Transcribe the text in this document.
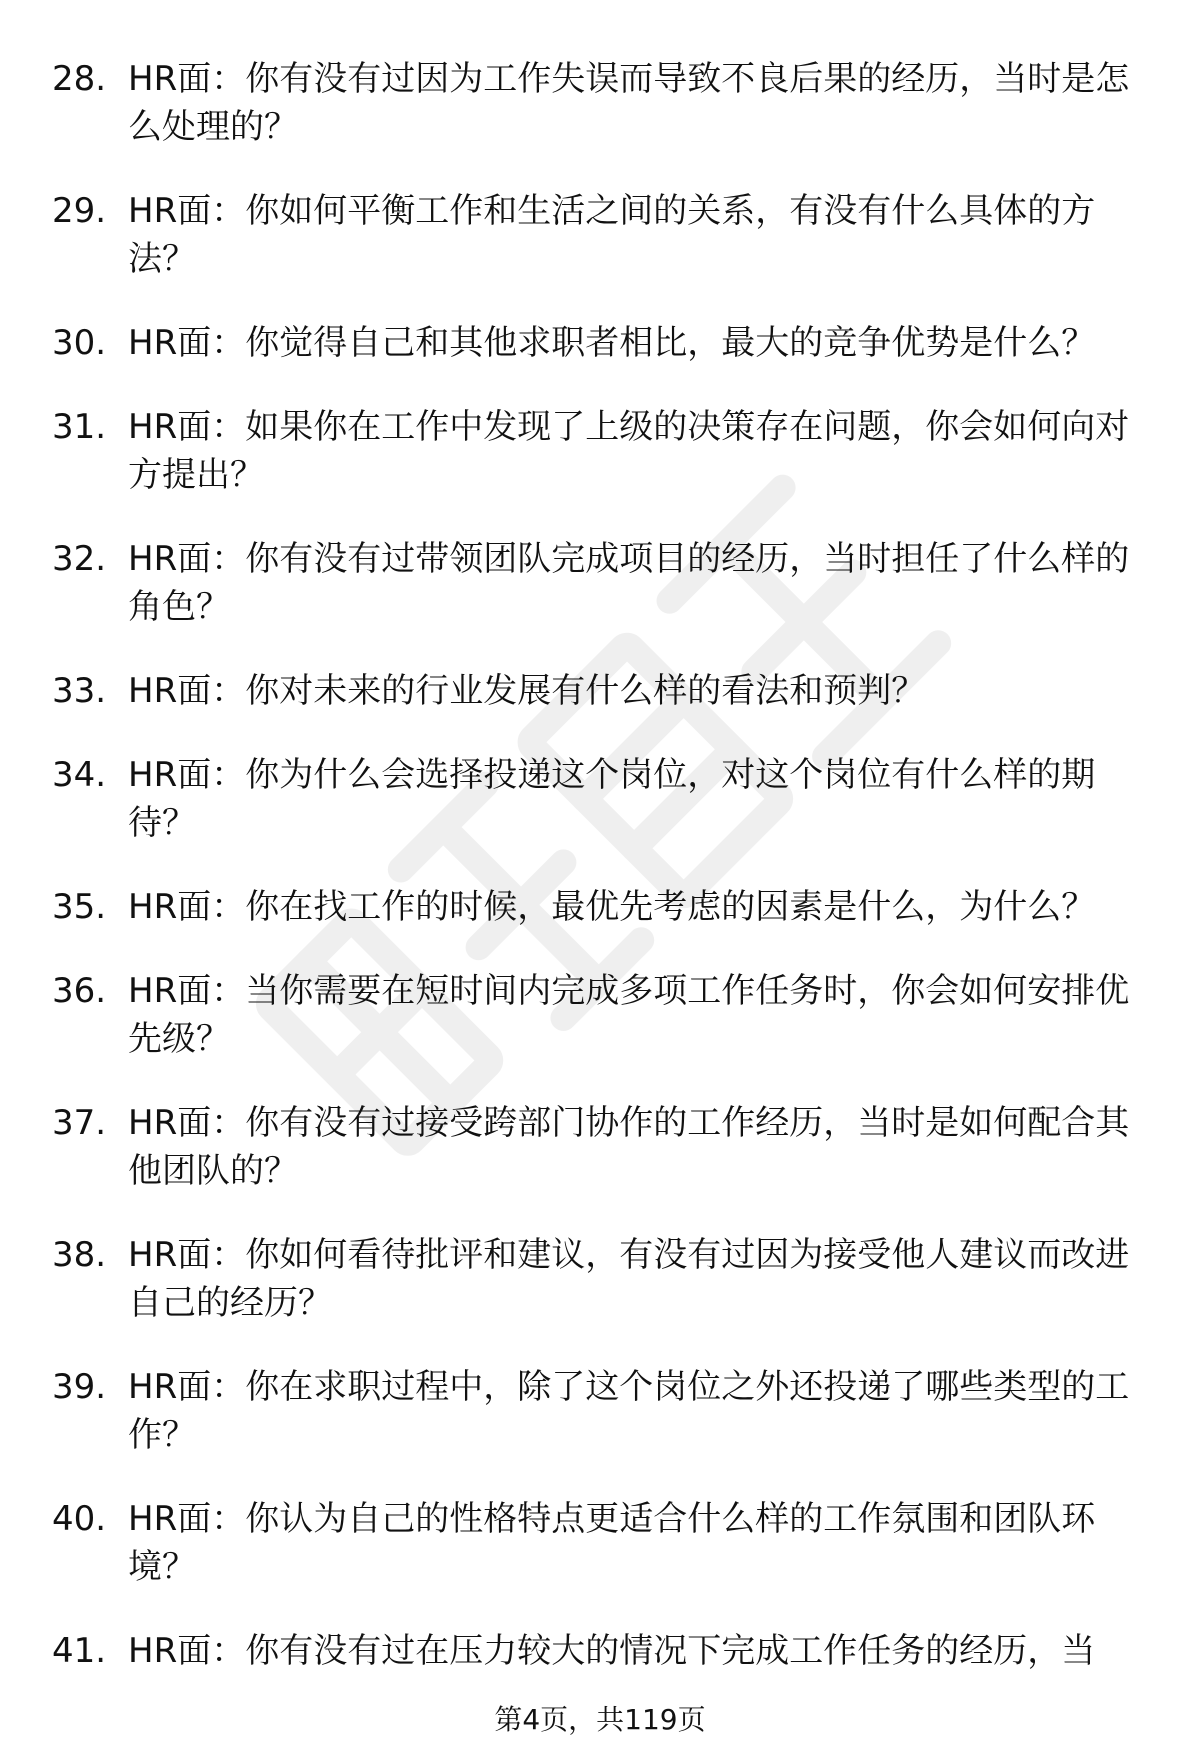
28. HR面：你有没有过因为工作失误而导致不良后果的经历，当时是怎么处理的？
29. HR面：你如何平衡工作和生活之间的关系，有没有什么具体的方法？
30. HR面：你觉得自己和其他求职者相比，最大的竞争优势是什么？
31. HR面：如果你在工作中发现了上级的决策存在问题，你会如何向对方提出？
32. HR面：你有没有过带领团队完成项目的经历，当时担任了什么样的角色？
33. HR面：你对未来的行业发展有什么样的看法和预判？
34. HR面：你为什么会选择投递这个岗位，对这个岗位有什么样的期待？
35. HR面：你在找工作的时候，最优先考虑的因素是什么，为什么？
36. HR面：当你需要在短时间内完成多项工作任务时，你会如何安排优先级？
37. HR面：你有没有过接受跨部门协作的工作经历，当时是如何配合其他团队的？
38. HR面：你如何看待批评和建议，有没有过因为接受他人建议而改进自己的经历？
39. HR面：你在求职过程中，除了这个岗位之外还投递了哪些类型的工作？
40. HR面：你认为自己的性格特点更适合什么样的工作氛围和团队环境？
41. HR面：你有没有过在压力较大的情况下完成工作任务的经历，当
第4页，共119页
